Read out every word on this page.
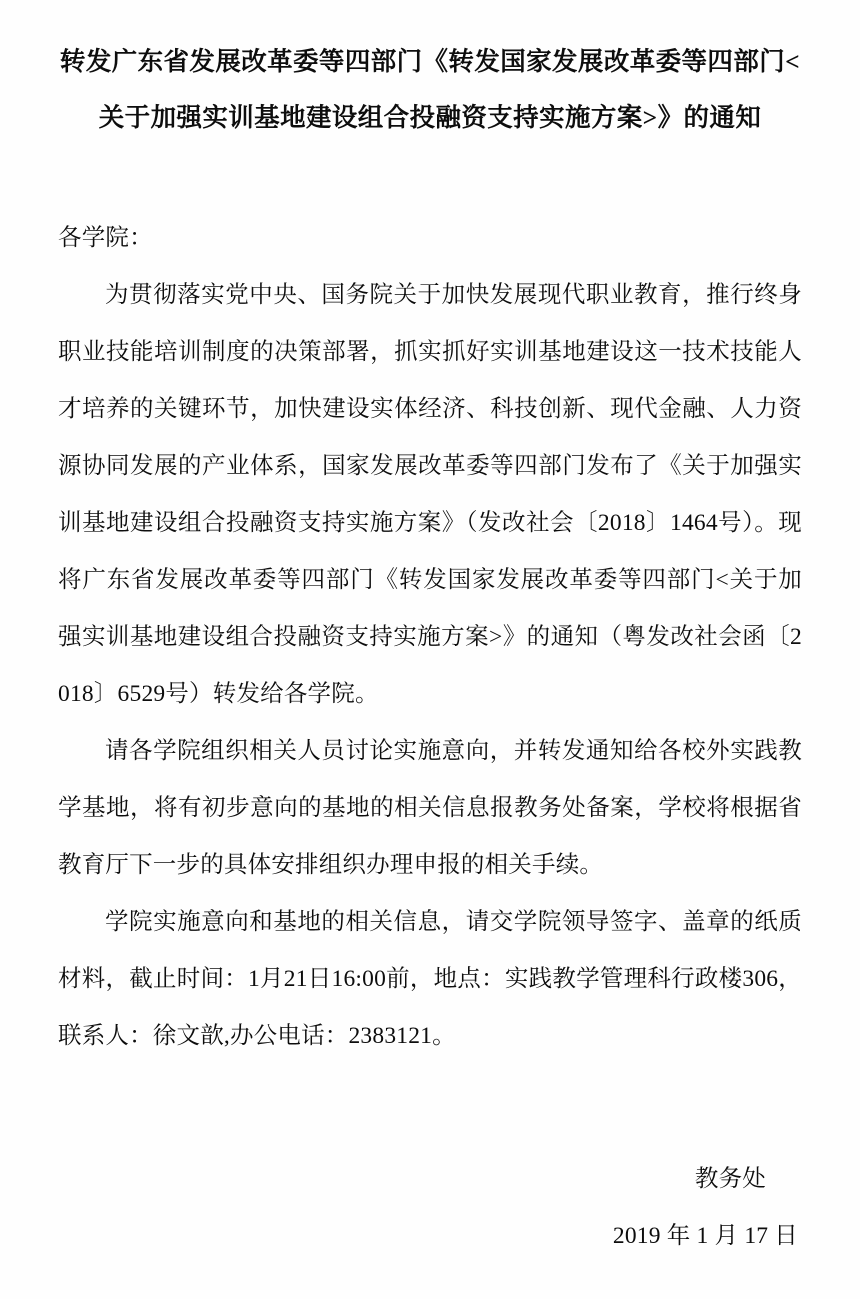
转发广东省发展改革委等四部门《转发国家发展改革委等四部门<关于加强实训基地建设组合投融资支持实施方案>》的通知

各学院：

为贯彻落实党中央、国务院关于加快发展现代职业教育，推行终身职业技能培训制度的决策部署，抓实抓好实训基地建设这一技术技能人才培养的关键环节，加快建设实体经济、科技创新、现代金融、人力资源协同发展的产业体系，国家发展改革委等四部门发布了《关于加强实训基地建设组合投融资支持实施方案》（发改社会〔2018〕1464号）。现将广东省发展改革委等四部门《转发国家发展改革委等四部门<关于加强实训基地建设组合投融资支持实施方案>》的通知（粤发改社会函〔2018〕6529号）转发给各学院。

请各学院组织相关人员讨论实施意向，并转发通知给各校外实践教学基地，将有初步意向的基地的相关信息报教务处备案，学校将根据省教育厅下一步的具体安排组织办理申报的相关手续。

学院实施意向和基地的相关信息，请交学院领导签字、盖章的纸质材料，截止时间：1月21日16:00前，地点：实践教学管理科行政楼306，联系人：徐文歆,办公电话：2383121。

教务处
2019 年 1 月 17 日
